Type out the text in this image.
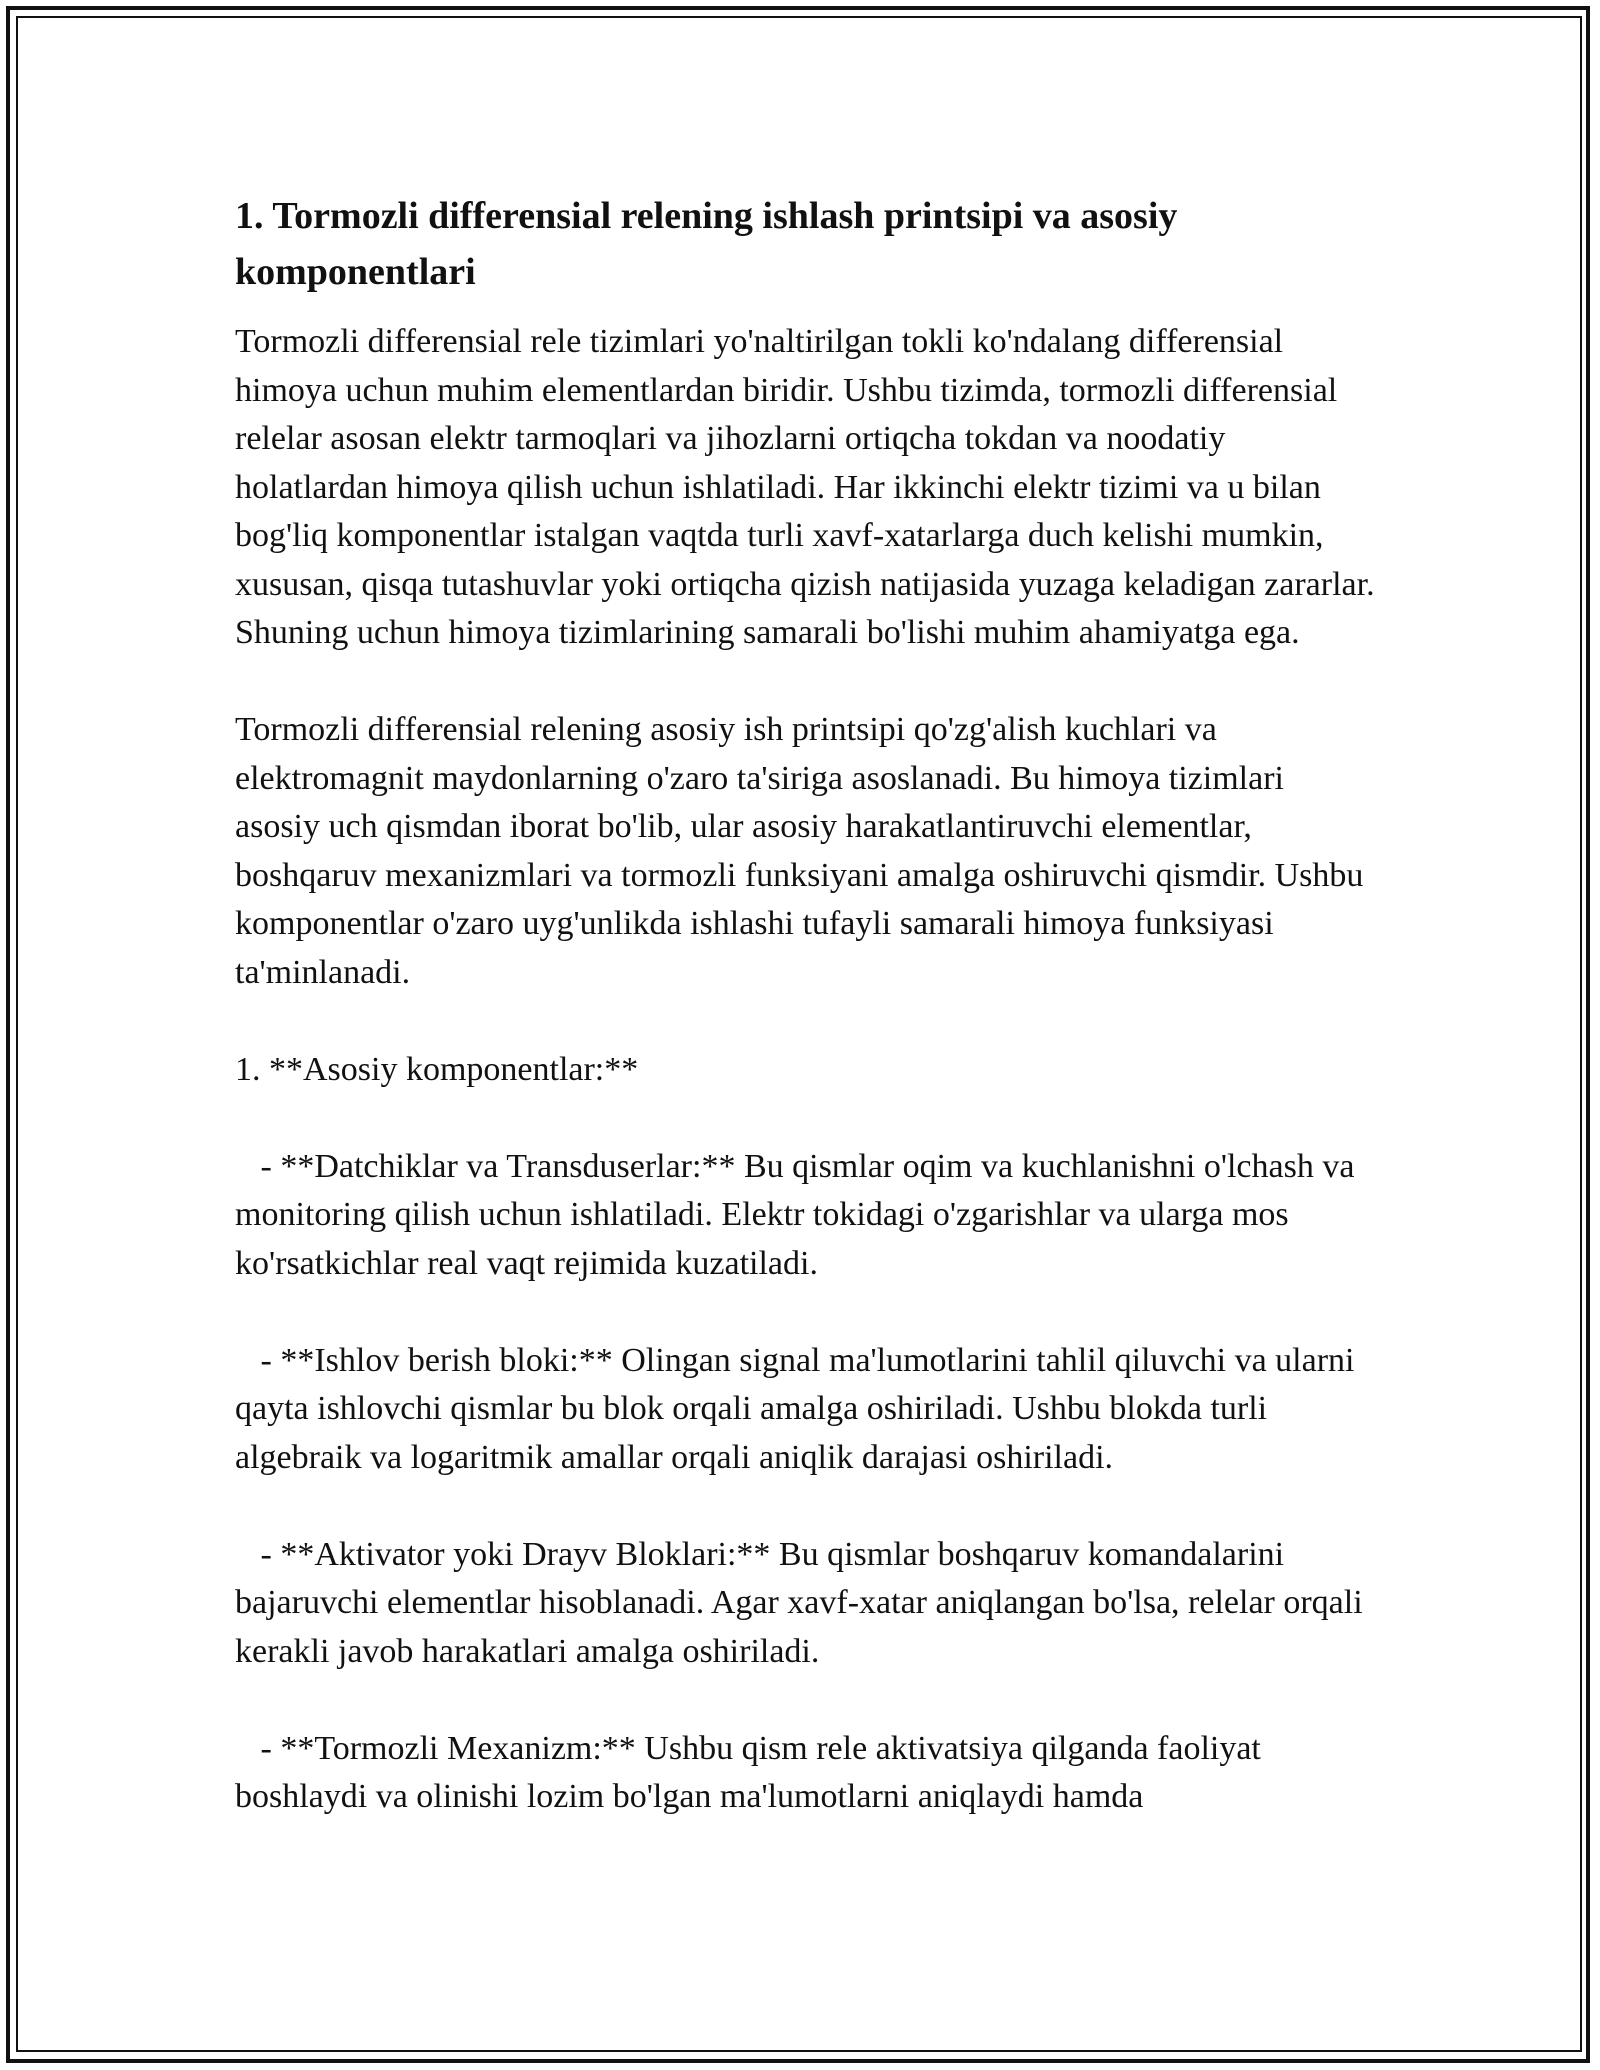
1. Tormozli differensial relening ishlash printsipi va asosiy komponentlari

Tormozli differensial rele tizimlari yo'naltirilgan tokli ko'ndalang differensial himoya uchun muhim elementlardan biridir. Ushbu tizimda, tormozli differensial relelar asosan elektr tarmoqlari va jihozlarni ortiqcha tokdan va noodatiy holatlardan himoya qilish uchun ishlatiladi. Har ikkinchi elektr tizimi va u bilan bog'liq komponentlar istalgan vaqtda turli xavf-xatarlarga duch kelishi mumkin, xususan, qisqa tutashuvlar yoki ortiqcha qizish natijasida yuzaga keladigan zararlar. Shuning uchun himoya tizimlarining samarali bo'lishi muhim ahamiyatga ega.

Tormozli differensial relening asosiy ish printsipi qo'zg'alish kuchlari va elektromagnit maydonlarning o'zaro ta'siriga asoslanadi. Bu himoya tizimlari asosiy uch qismdan iborat bo'lib, ular asosiy harakatlantiruvchi elementlar, boshqaruv mexanizmlari va tormozli funksiyani amalga oshiruvchi qismdir. Ushbu komponentlar o'zaro uyg'unlikda ishlashi tufayli samarali himoya funksiyasi ta'minlanadi.

1. **Asosiy komponentlar:**

- **Datchiklar va Transduserlar:** Bu qismlar oqim va kuchlanishni o'lchash va monitoring qilish uchun ishlatiladi. Elektr tokidagi o'zgarishlar va ularga mos ko'rsatkichlar real vaqt rejimida kuzatiladi.

- **Ishlov berish bloki:** Olingan signal ma'lumotlarini tahlil qiluvchi va ularni qayta ishlovchi qismlar bu blok orqali amalga oshiriladi. Ushbu blokda turli algebraik va logaritmik amallar orqali aniqlik darajasi oshiriladi.

- **Aktivator yoki Drayv Bloklari:** Bu qismlar boshqaruv komandalarini bajaruvchi elementlar hisoblanadi. Agar xavf-xatar aniqlangan bo'lsa, relelar orqali kerakli javob harakatlari amalga oshiriladi.

- **Tormozli Mexanizm:** Ushbu qism rele aktivatsiya qilganda faoliyat boshlaydi va olinishi lozim bo'lgan ma'lumotlarni aniqlaydi hamda
